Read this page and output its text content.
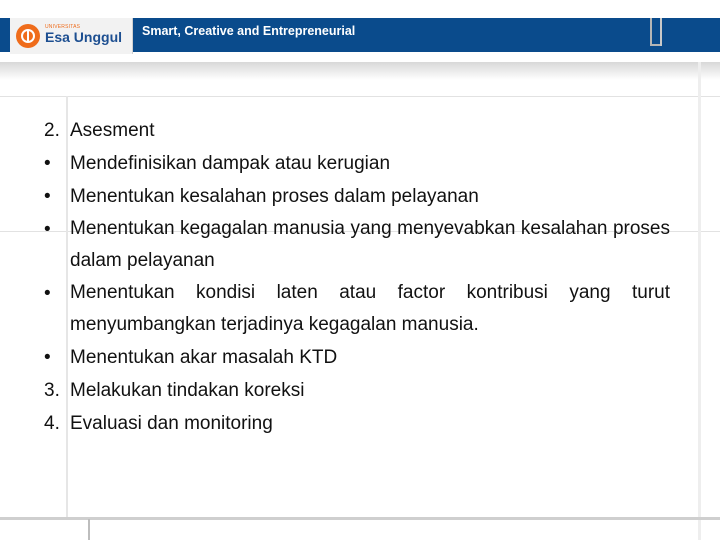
UNIVERSITAS
Esa Unggul Smart, Creative and Entrepreneurial
2. Asesment
•	Mendefinisikan dampak atau kerugian
•	Menentukan kesalahan proses dalam pelayanan
•	Menentukan kegagalan manusia yang menyevabkan kesalahan proses dalam pelayanan
•	Menentukan kondisi laten atau factor kontribusi yang turut menyumbangkan terjadinya kegagalan manusia.
•	Menentukan akar masalah KTD
3. Melakukan tindakan koreksi
4. Evaluasi dan monitoring
